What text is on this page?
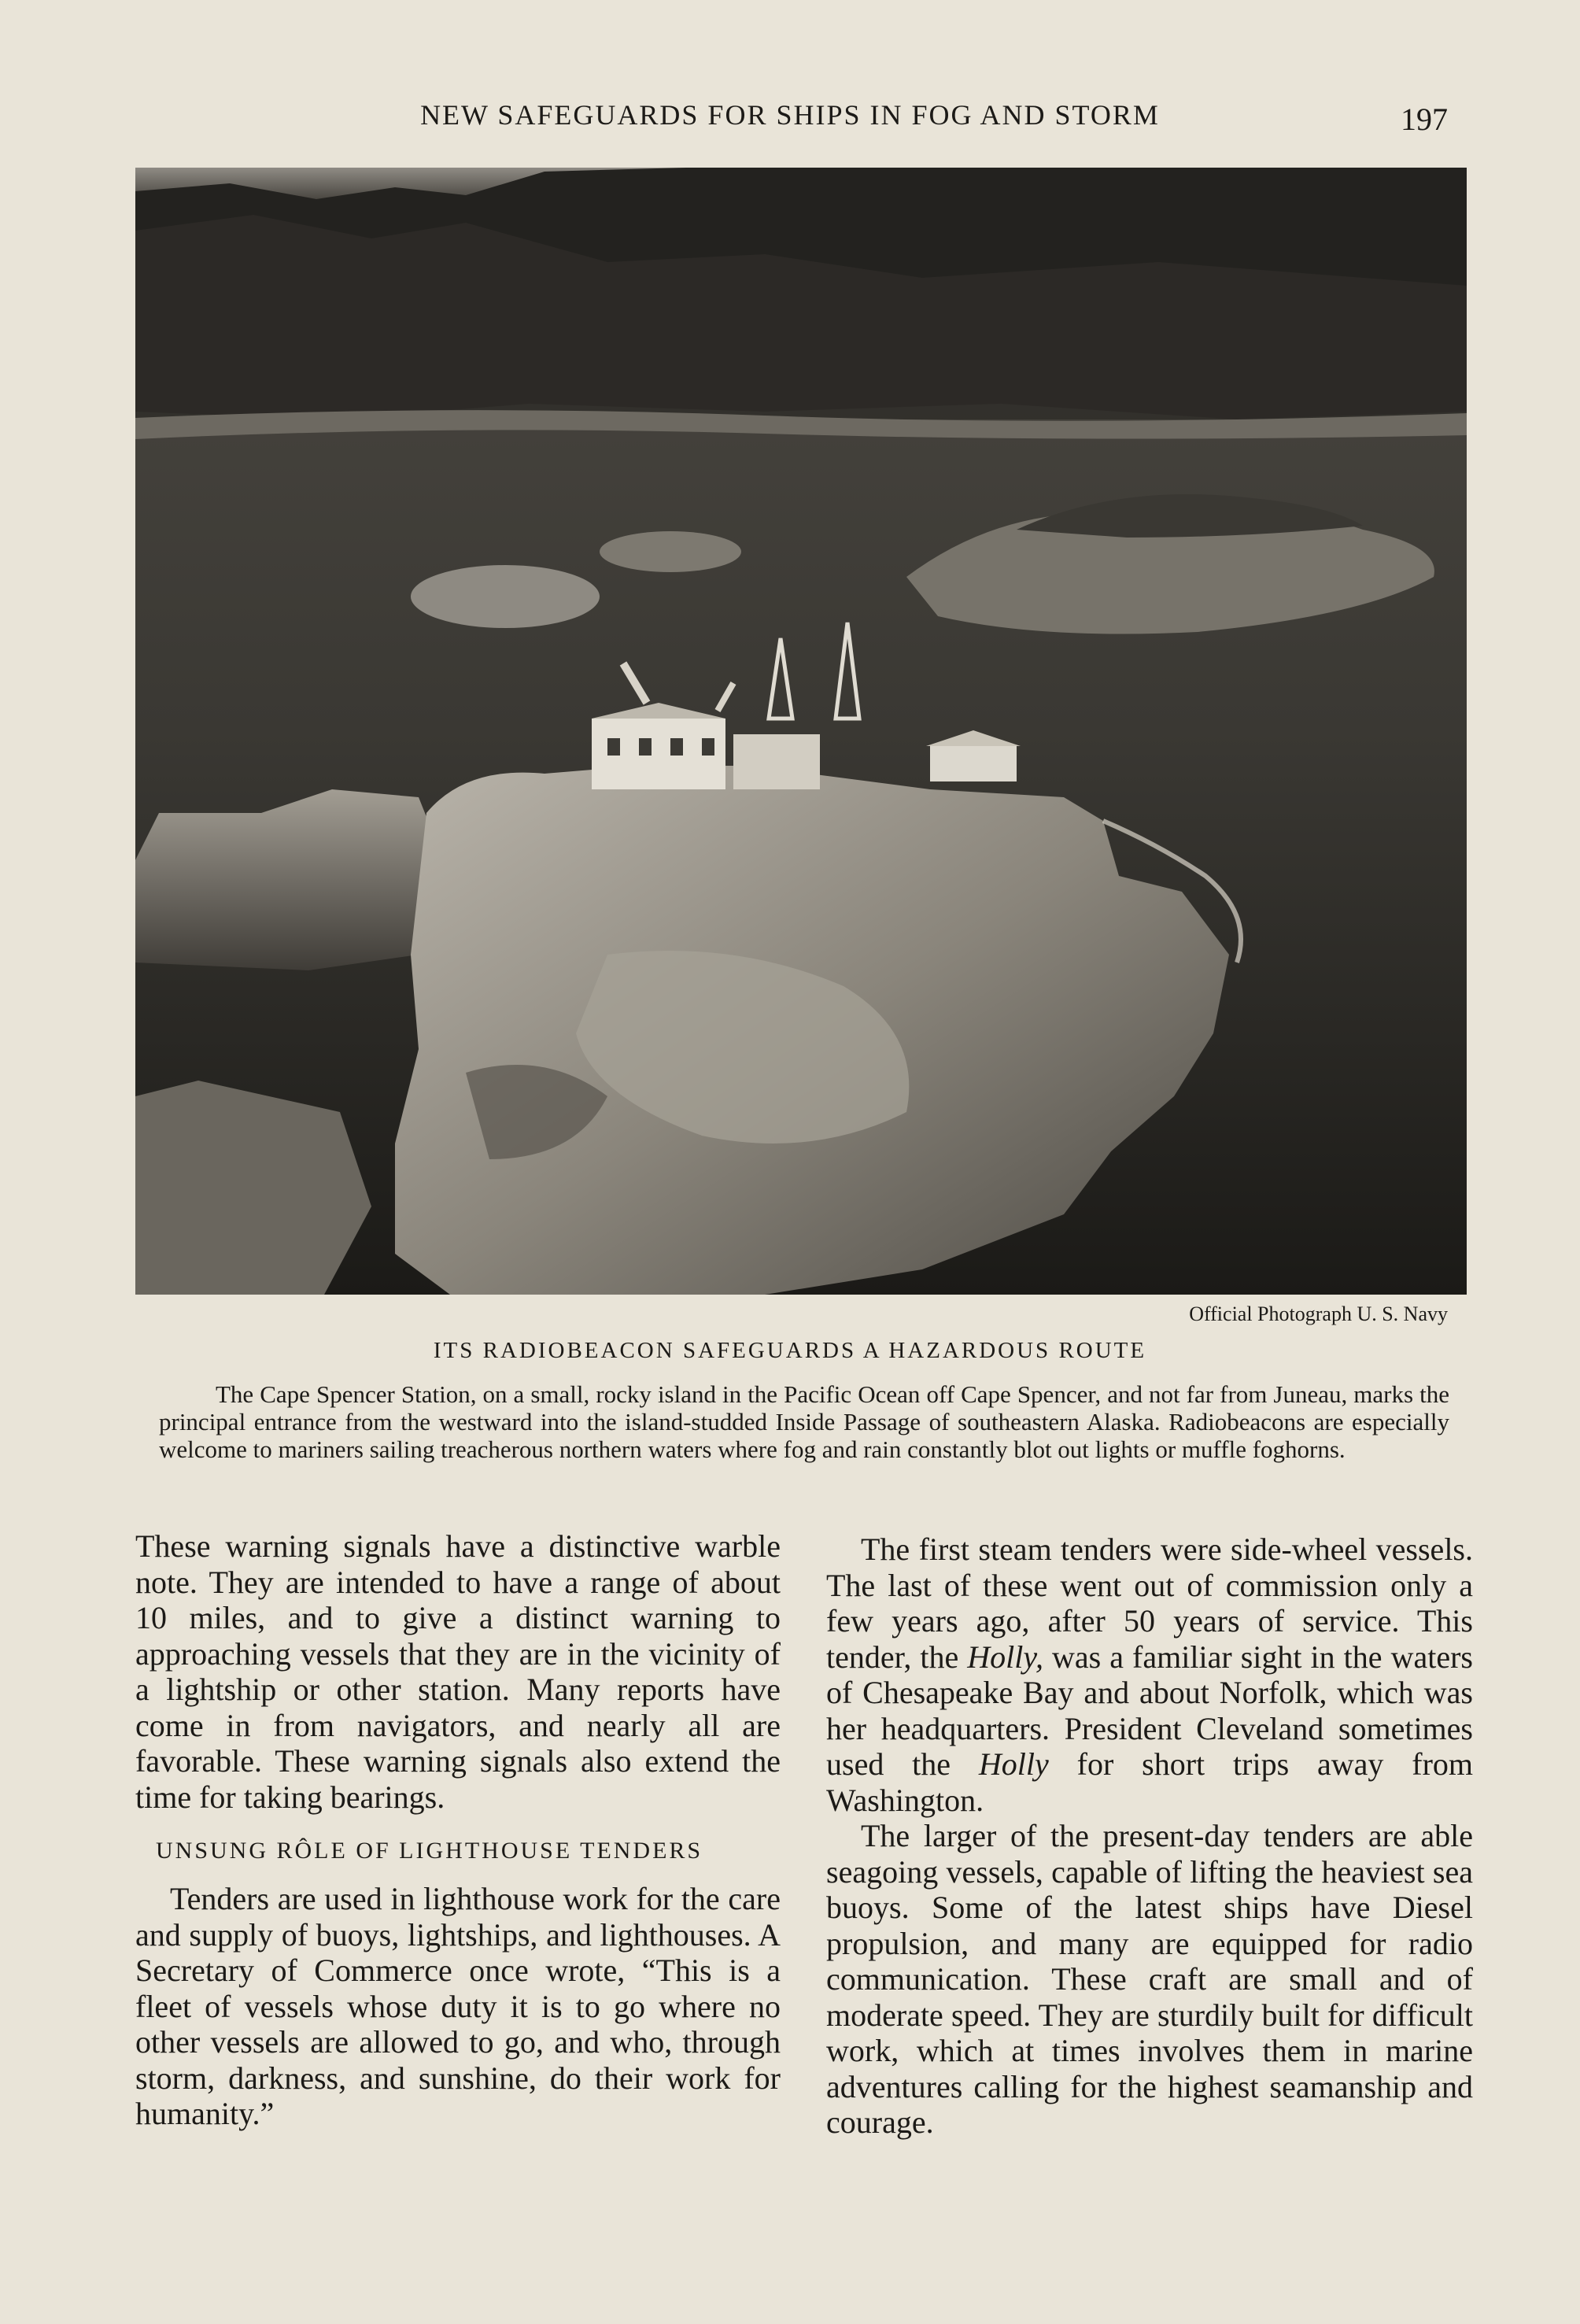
NEW SAFEGUARDS FOR SHIPS IN FOG AND STORM	197
Official Photograph U. S. Navy
ITS RADIOBEACON SAFEGUARDS A HAZARDOUS ROUTE
The Cape Spencer Station, on a small, rocky island in the Pacific Ocean off Cape Spencer, and not far from Juneau, marks the principal entrance from the westward into the island-studded Inside Passage of southeastern Alaska. Radiobeacons are especially welcome to mariners sailing treacherous northern waters where fog and rain constantly blot out lights or muffle foghorns.

These warning signals have a distinctive warble note. They are intended to have a range of about 10 miles, and to give a distinct warning to approaching vessels that they are in the vicinity of a lightship or other station. Many reports have come in from navigators, and nearly all are favorable. These warning signals also extend the time for taking bearings.

UNSUNG RÔLE OF LIGHTHOUSE TENDERS

Tenders are used in lighthouse work for the care and supply of buoys, lightships, and lighthouses. A Secretary of Commerce once wrote, “This is a fleet of vessels whose duty it is to go where no other vessels are allowed to go, and who, through storm, darkness, and sunshine, do their work for humanity.”

The first steam tenders were side-wheel vessels. The last of these went out of commission only a few years ago, after 50 years of service. This tender, the Holly, was a familiar sight in the waters of Chesapeake Bay and about Norfolk, which was her headquarters. President Cleveland sometimes used the Holly for short trips away from Washington.

The larger of the present-day tenders are able seagoing vessels, capable of lifting the heaviest sea buoys. Some of the latest ships have Diesel propulsion, and many are equipped for radio communication. These craft are small and of moderate speed. They are sturdily built for difficult work, which at times involves them in marine adventures calling for the highest seamanship and courage.
